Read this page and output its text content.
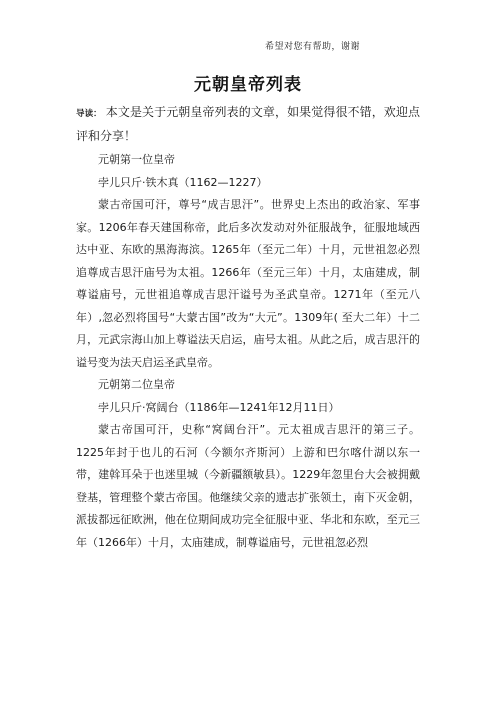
希望对您有帮助，谢谢
元朝皇帝列表

导读： 本文是关于元朝皇帝列表的文章，如果觉得很不错，欢迎点评和分享！

元朝第一位皇帝

孛儿只斤·铁木真（1162—1227）

蒙古帝国可汗，尊号“成吉思汗”。世界史上杰出的政治家、军事家。1206年春天建国称帝，此后多次发动对外征服战争，征服地域西达中亚、东欧的黑海海滨。1265年（至元二年）十月，元世祖忽必烈追尊成吉思汗庙号为太祖。1266年（至元三年）十月，太庙建成，制尊谥庙号，元世祖追尊成吉思汗谥号为圣武皇帝。1271年（至元八年）,忽必烈将国号“大蒙古国”改为“大元”。1309年( 至大二年）十二月，元武宗海山加上尊谥法天启运，庙号太祖。从此之后，成吉思汗的谥号变为法天启运圣武皇帝。

元朝第二位皇帝

孛儿只斤·窝阔台（1186年—1241年12月11日）

蒙古帝国可汗，史称“窝阔台汗”。元太祖成吉思汗的第三子。1225年封于也儿的石河（今额尔齐斯河）上游和巴尔喀什湖以东一带，建斡耳朵于也迷里城（今新疆额敏县）。1229年忽里台大会被拥戴登基，管理整个蒙古帝国。他继续父亲的遗志扩张领土，南下灭金朝，派拔都远征欧洲，他在位期间成功完全征服中亚、华北和东欧，至元三年（1266年）十月，太庙建成，制尊谥庙号，元世祖忽必烈
